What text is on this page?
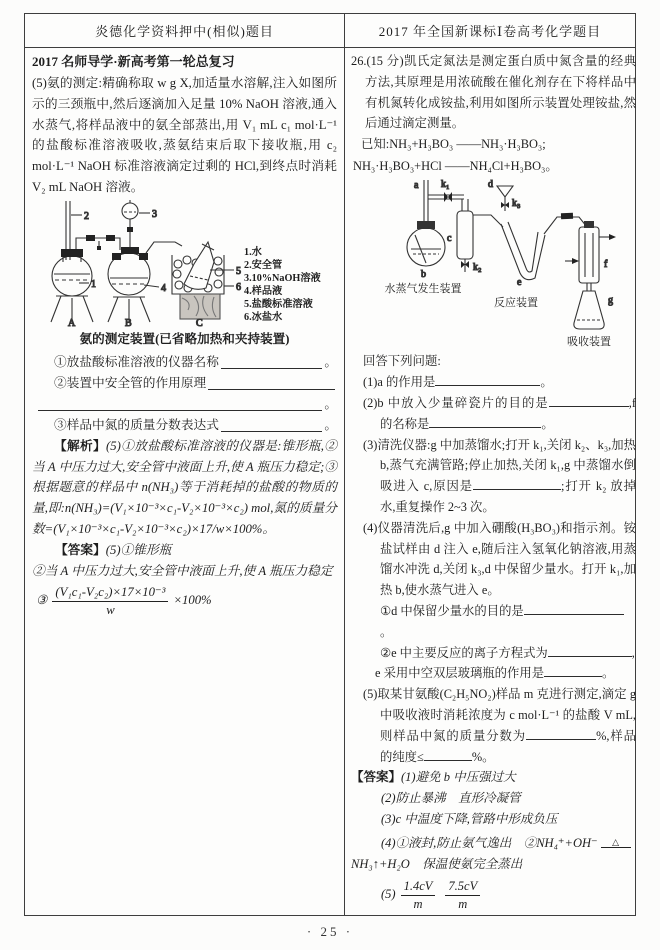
炎德化学资料押中(相似)题目	2017 年全国新课标Ⅰ卷高考化学题目

2017 名师导学·新高考第一轮总复习

(5)氨的测定:精确称取 w g X,加适量水溶解,注入如图所示的三颈瓶中,然后逐滴加入足量 10% NaOH 溶液,通入水蒸气,将样品液中的氨全部蒸出,用 V₁ mL c₁ mol·L⁻¹ 的盐酸标准溶液吸收,蒸氨结束后取下接收瓶,用 c₂ mol·L⁻¹ NaOH 标准溶液滴定过剩的 HCl,到终点时消耗 V₂ mL NaOH 溶液。

2
1
A
3
4
B
5
6
C
1.水
2.安全管
3.10%NaOH溶液
4.样品液
5.盐酸标准溶液
6.冰盐水

氨的测定装置(已省略加热和夹持装置)

①放盐酸标准溶液的仪器名称	。
②装置中安全管的作用原理
。
③样品中氮的质量分数表达式	。

【解析】(5)①放盐酸标准溶液的仪器是:锥形瓶,②当 A 中压力过大,安全管中液面上升,使 A 瓶压力稳定;③根据题意的样品中 n(NH₃)等于消耗掉的盐酸的物质的量,即:n(NH₃)=(V₁×10⁻³×c₁-V₂×10⁻³×c₂) mol,氮的质量分数=(V₁×10⁻³×c₁-V₂×10⁻³×c₂)×17/w×100%。

【答案】(5)①锥形瓶

②当 A 中压力过大,安全管中液面上升,使 A 瓶压力稳定

③ $\frac{\text{(V₁c₁-V₂c₂)×17×10⁻³}}{w} \times 100\%$

26.(15 分)凯氏定氮法是测定蛋白质中氮含量的经典方法,其原理是用浓硫酸在催化剂存在下将样品中有机氮转化成铵盐,利用如图所示装置处理铵盐,然后通过滴定测量。

已知:NH₃+H₃BO₃ ——NH₃·H₃BO₃;

NH₃·H₃BO₃+HCl ——NH₄Cl+H₃BO₃。

a k₁
b
水蒸气发生装置
c
k₂
d
k₃
e
反应装置
f
g
吸收装置

回答下列问题:

(1)a 的作用是	。

(2)b 中放入少量碎瓷片的目的是	,f 的名称是	。

(3)清洗仪器:g 中加蒸馏水;打开 k₁,关闭 k₂、k₃,加热 b,蒸气充满管路;停止加热,关闭 k₁,g 中蒸馏水倒吸进入 c,原因是	;打开 k₂ 放掉水,重复操作 2~3 次。

(4)仪器清洗后,g 中加入硼酸(H₃BO₃)和指示剂。铵盐试样由 d 注入 e,随后注入氢氧化钠溶液,用蒸馏水冲洗 d,关闭 k₃,d 中保留少量水。打开 k₁,加热 b,使水蒸气进入 e。

①d 中保留少量水的目的是。

②e 中主要反应的离子方程式为	,

e 采用中空双层玻璃瓶的作用是	。

(5)取某甘氨酸(C₂H₅NO₂)样品 m 克进行测定,滴定 g 中吸收液时消耗浓度为 c mol·L⁻¹ 的盐酸 V mL,则样品中氮的质量分数为	%,样品的纯度≤	%。

【答案】(1)避免 b 中压强过大

(2)防止暴沸　直形冷凝管

(3)c 中温度下降,管路中形成负压

(4)①液封,防止氨气逸出　②NH₄⁺+OH⁻	△

NH₃↑+H₂O　保温使氨完全蒸出

$(5) \frac{1.4cV}{m} \frac{7.5cV}{m}$

· 25 ·
